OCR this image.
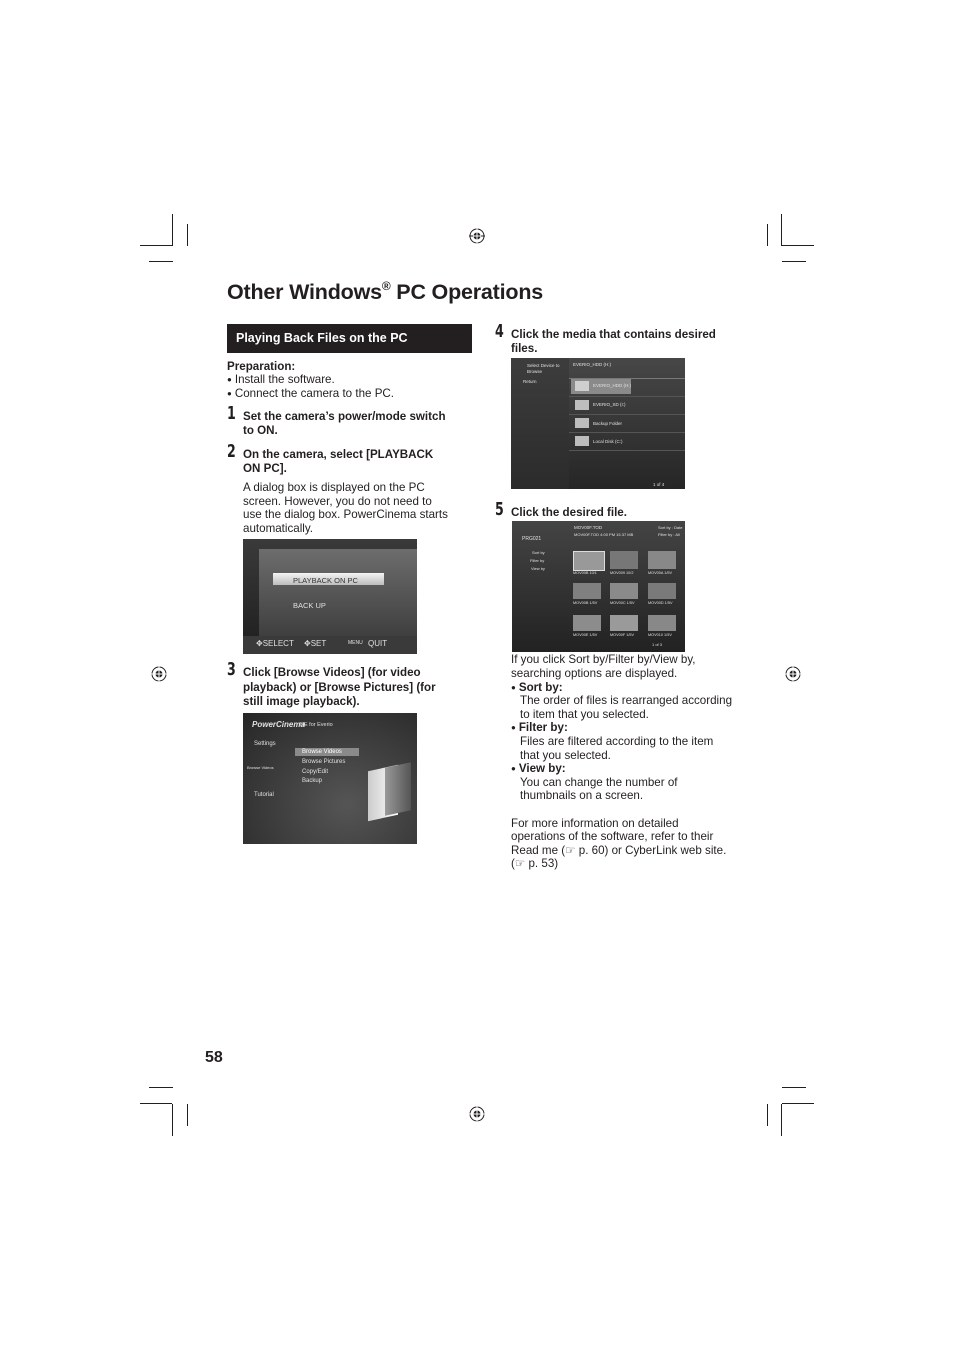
Other Windows® PC Operations
Playing Back Files on the PC
Preparation:
● Install the software.
● Connect the camera to the PC.
1 Set the camera’s power/mode switch
to ON.
2 On the camera, select [PLAYBACK
ON PC].
A dialog box is displayed on the PC
screen. However, you do not need to
use the dialog box. PowerCinema starts
automatically.
PLAYBACK ON PC
BACK UP
✥SELECT ✥SET	MENU QUIT
3 Click [Browse Videos] (for video
playback) or [Browse Pictures] (for
still image playback).
PowerCinema
NE for Everio
Settings
Browse Videos
Tutorial
Browse Videos
Browse Pictures
Copy/Edit
Backup
4 Click the media that contains desired
files.
Select Device to Browse
EVERIO_HDD (H:)
Return
EVERIO_HDD (H:)
EVERIO_SD (I:)
Backup Folder
Local Disk (C:)
1 of 4
5 Click the desired file.
MOV00F.TOD
MOV00F.TOD 4:00 PM 15.37 MB
PRG021
Sort by : Date
Filter by : All
Sort by
Filter by
View by
MOV00B 10/1	MOV009 10/2	MOV00A 1/5V
MOV00B 1/5V	MOV00C 1/5V	MOV00D 1/5V
MOV00E 1/5V	MOV00F 1/5V	MOV010 1/5V
1 of 3
If you click Sort by/Filter by/View by,
searching options are displayed.
● Sort by:
The order of files is rearranged according
to item that you selected.
● Filter by:
Files are filtered according to the item
that you selected.
● View by:
You can change the number of
thumbnails on a screen.
For more information on detailed
operations of the software, refer to their
Read me (☞ p. 60) or CyberLink web site.
(☞ p. 53)
58
